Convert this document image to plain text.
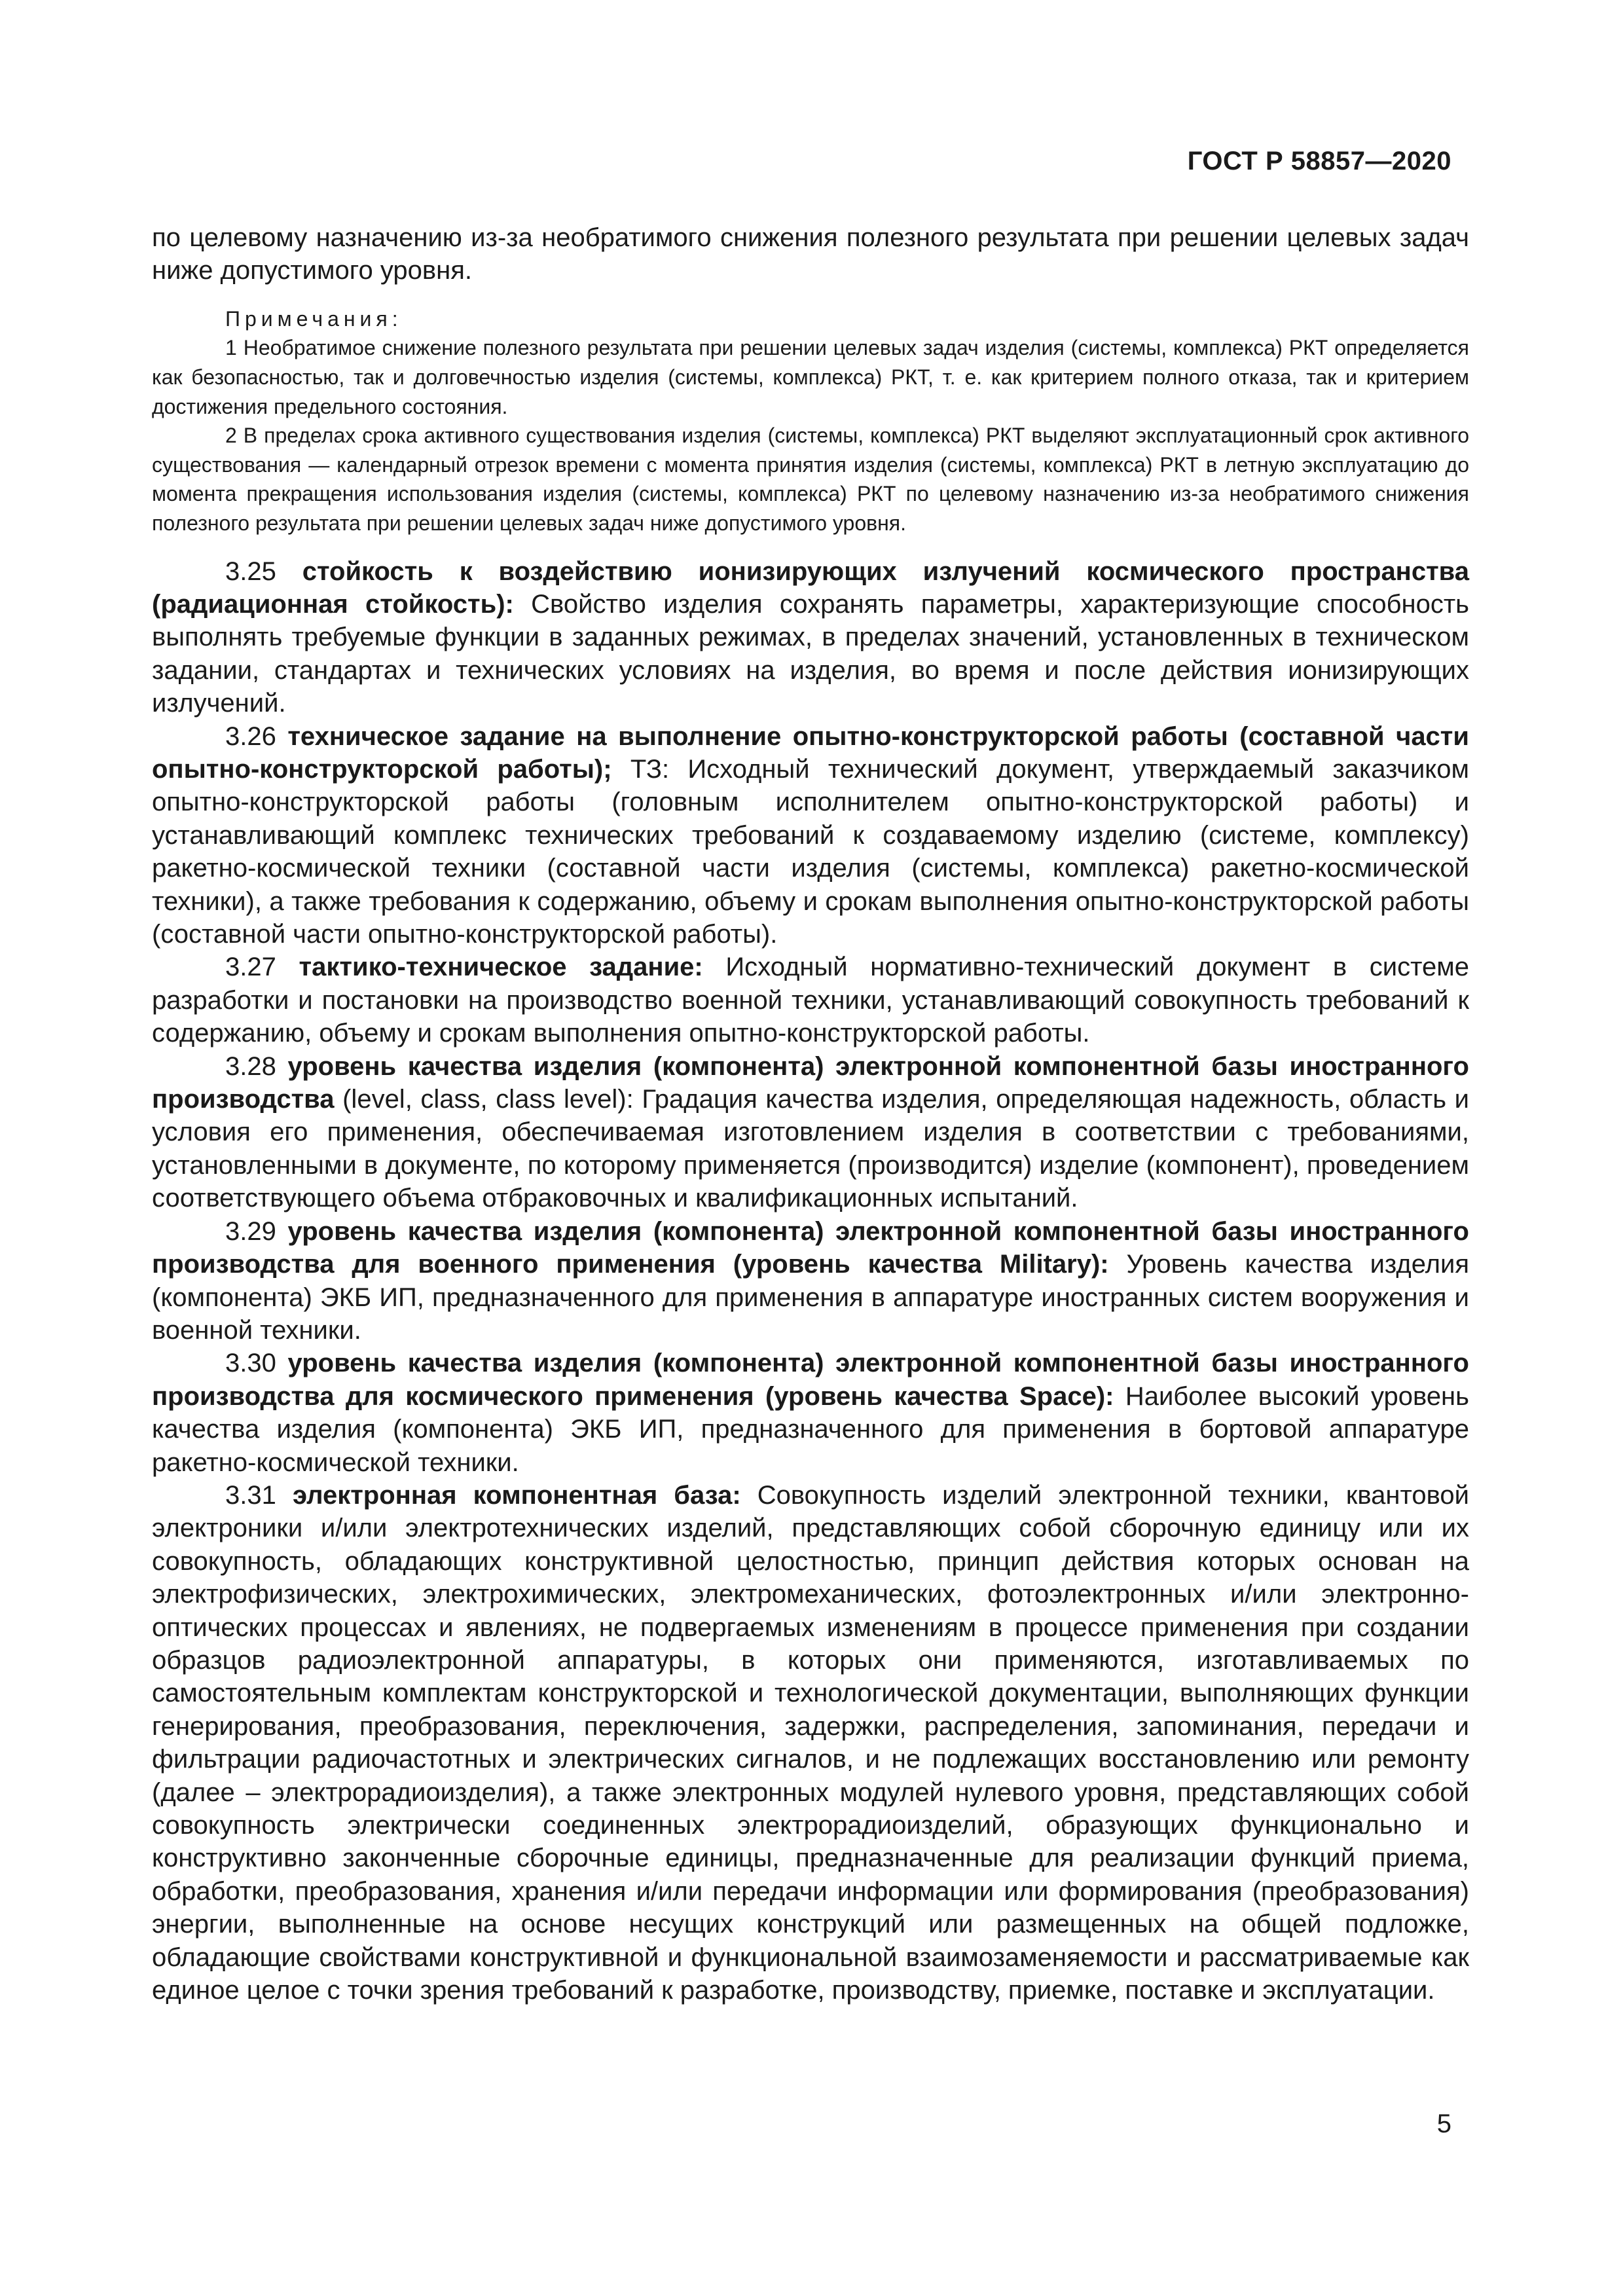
ГОСТ Р 58857—2020

по целевому назначению из-за необратимого снижения полезного результата при решении целевых задач ниже допустимого уровня.

Примечания:

1 Необратимое снижение полезного результата при решении целевых задач изделия (системы, комплекса) РКТ определяется как безопасностью, так и долговечностью изделия (системы, комплекса) РКТ, т. е. как критерием полного отказа, так и критерием достижения предельного состояния.

2 В пределах срока активного существования изделия (системы, комплекса) РКТ выделяют эксплуатационный срок активного существования — календарный отрезок времени с момента принятия изделия (системы, комплекса) РКТ в летную эксплуатацию до момента прекращения использования изделия (системы, комплекса) РКТ по целевому назначению из-за необратимого снижения полезного результата при решении целевых задач ниже допустимого уровня.

3.25 стойкость к воздействию ионизирующих излучений космического пространства (радиационная стойкость): Свойство изделия сохранять параметры, характеризующие способность выполнять требуемые функции в заданных режимах, в пределах значений, установленных в техническом задании, стандартах и технических условиях на изделия, во время и после действия ионизирующих излучений.

3.26 техническое задание на выполнение опытно-конструкторской работы (составной части опытно-конструкторской работы); ТЗ: Исходный технический документ, утверждаемый заказчиком опытно-конструкторской работы (головным исполнителем опытно-конструкторской работы) и устанавливающий комплекс технических требований к создаваемому изделию (системе, комплексу) ракетно-космической техники (составной части изделия (системы, комплекса) ракетно-космической техники), а также требования к содержанию, объему и срокам выполнения опытно-конструкторской работы (составной части опытно-конструкторской работы).

3.27 тактико-техническое задание: Исходный нормативно-технический документ в системе разработки и постановки на производство военной техники, устанавливающий совокупность требований к содержанию, объему и срокам выполнения опытно-конструкторской работы.

3.28 уровень качества изделия (компонента) электронной компонентной базы иностранного производства (level, class, class level): Градация качества изделия, определяющая надежность, область и условия его применения, обеспечиваемая изготовлением изделия в соответствии с требованиями, установленными в документе, по которому применяется (производится) изделие (компонент), проведением соответствующего объема отбраковочных и квалификационных испытаний.

3.29 уровень качества изделия (компонента) электронной компонентной базы иностранного производства для военного применения (уровень качества Military): Уровень качества изделия (компонента) ЭКБ ИП, предназначенного для применения в аппаратуре иностранных систем вооружения и военной техники.

3.30 уровень качества изделия (компонента) электронной компонентной базы иностранного производства для космического применения (уровень качества Space): Наиболее высокий уровень качества изделия (компонента) ЭКБ ИП, предназначенного для применения в бортовой аппаратуре ракетно-космической техники.

3.31 электронная компонентная база: Совокупность изделий электронной техники, квантовой электроники и/или электротехнических изделий, представляющих собой сборочную единицу или их совокупность, обладающих конструктивной целостностью, принцип действия которых основан на электрофизических, электрохимических, электромеханических, фотоэлектронных и/или электронно-оптических процессах и явлениях, не подвергаемых изменениям в процессе применения при создании образцов радиоэлектронной аппаратуры, в которых они применяются, изготавливаемых по самостоятельным комплектам конструкторской и технологической документации, выполняющих функции генерирования, преобразования, переключения, задержки, распределения, запоминания, передачи и фильтрации радиочастотных и электрических сигналов, и не подлежащих восстановлению или ремонту (далее – электрорадиоизделия), а также электронных модулей нулевого уровня, представляющих собой совокупность электрически соединенных электрорадиоизделий, образующих функционально и конструктивно законченные сборочные единицы, предназначенные для реализации функций приема, обработки, преобразования, хранения и/или передачи информации или формирования (преобразования) энергии, выполненные на основе несущих конструкций или размещенных на общей подложке, обладающие свойствами конструктивной и функциональной взаимозаменяемости и рассматриваемые как единое целое с точки зрения требований к разработке, производству, приемке, поставке и эксплуатации.

5
